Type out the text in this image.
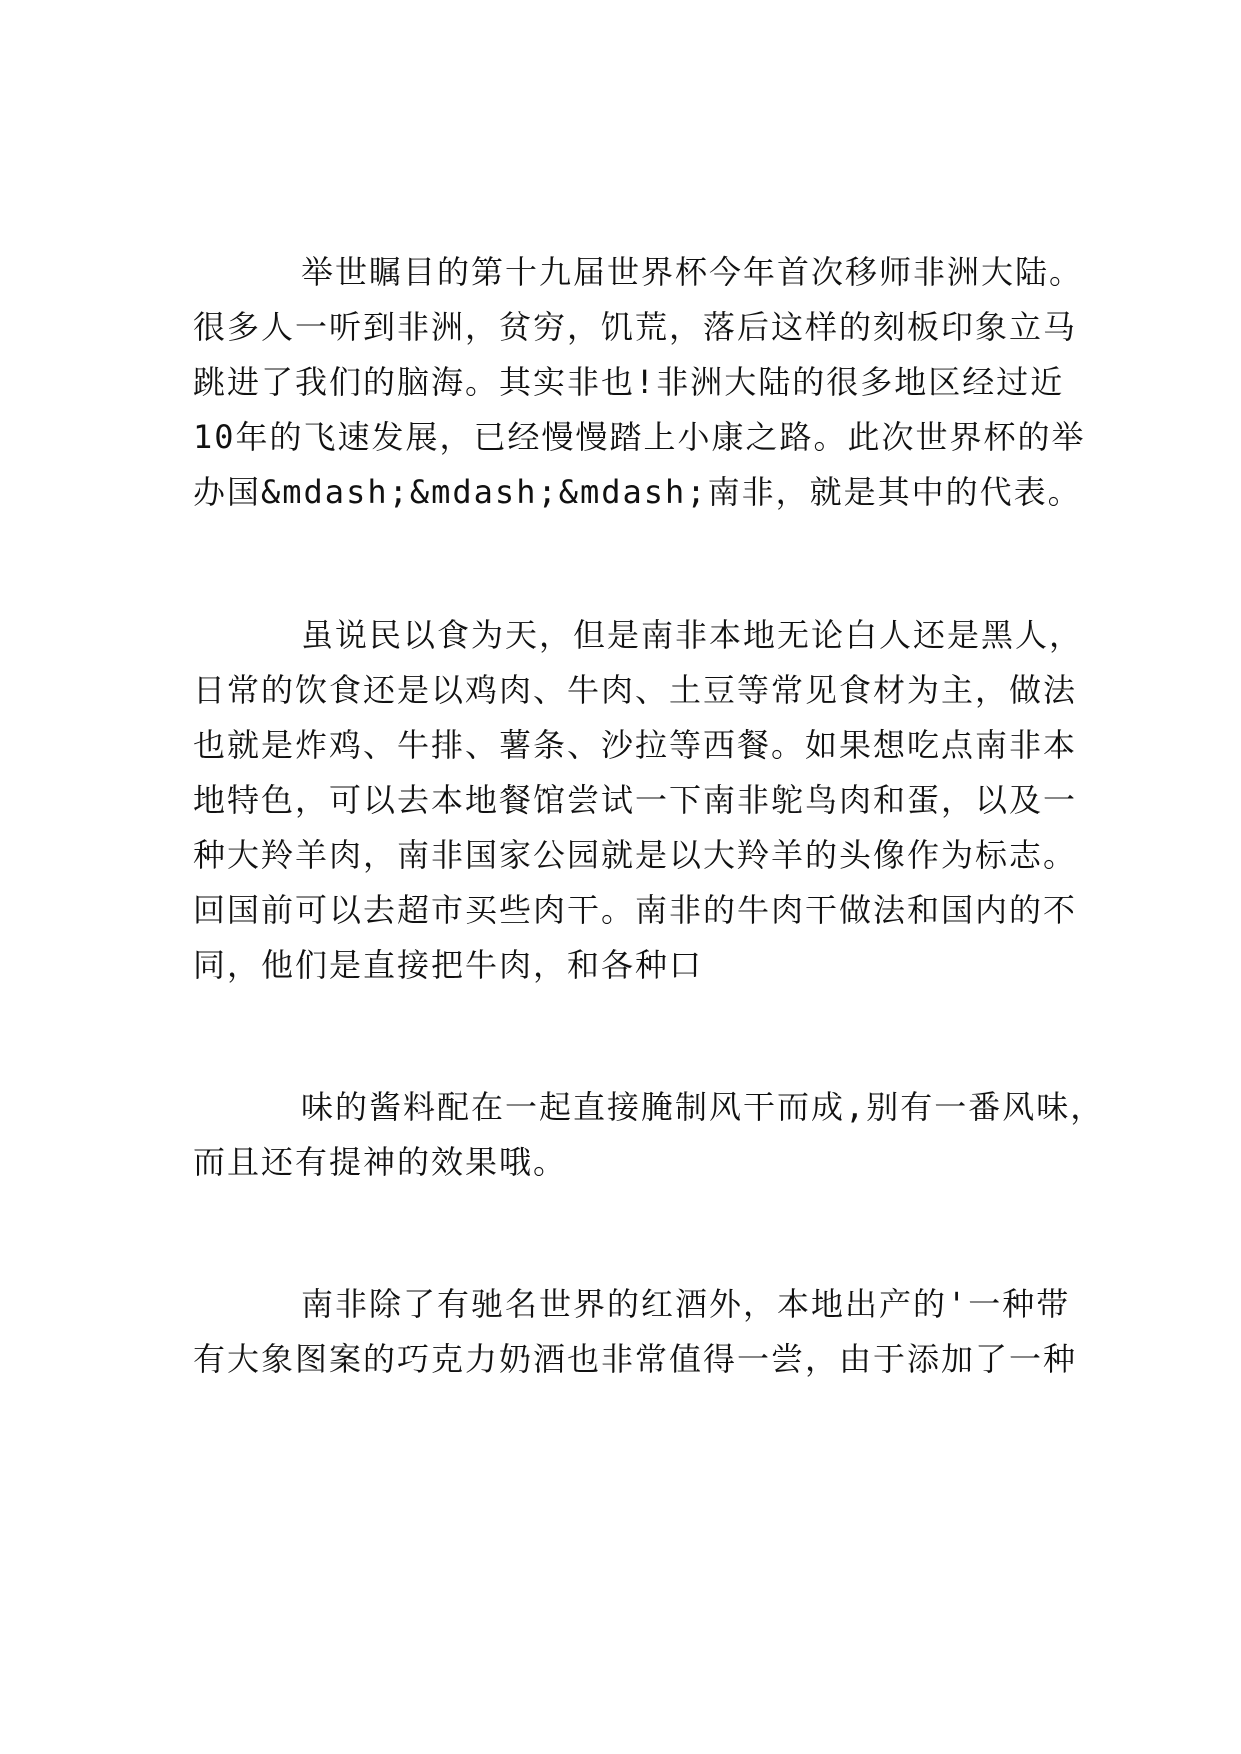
举世瞩目的第十九届世界杯今年首次移师非洲大陆。
很多人一听到非洲，贫穷，饥荒，落后这样的刻板印象立马
跳进了我们的脑海。其实非也!非洲大陆的很多地区经过近
10年的飞速发展，已经慢慢踏上小康之路。此次世界杯的举
办国&mdash;&mdash;&mdash;南非，就是其中的代表。
虽说民以食为天，但是南非本地无论白人还是黑人，
日常的饮食还是以鸡肉、牛肉、土豆等常见食材为主，做法
也就是炸鸡、牛排、薯条、沙拉等西餐。如果想吃点南非本
地特色，可以去本地餐馆尝试一下南非鸵鸟肉和蛋，以及一
种大羚羊肉，南非国家公园就是以大羚羊的头像作为标志。
回国前可以去超市买些肉干。南非的牛肉干做法和国内的不
同，他们是直接把牛肉，和各种口
味的酱料配在一起直接腌制风干而成,别有一番风味，
而且还有提神的效果哦。
南非除了有驰名世界的红酒外，本地出产的'一种带
有大象图案的巧克力奶酒也非常值得一尝，由于添加了一种
